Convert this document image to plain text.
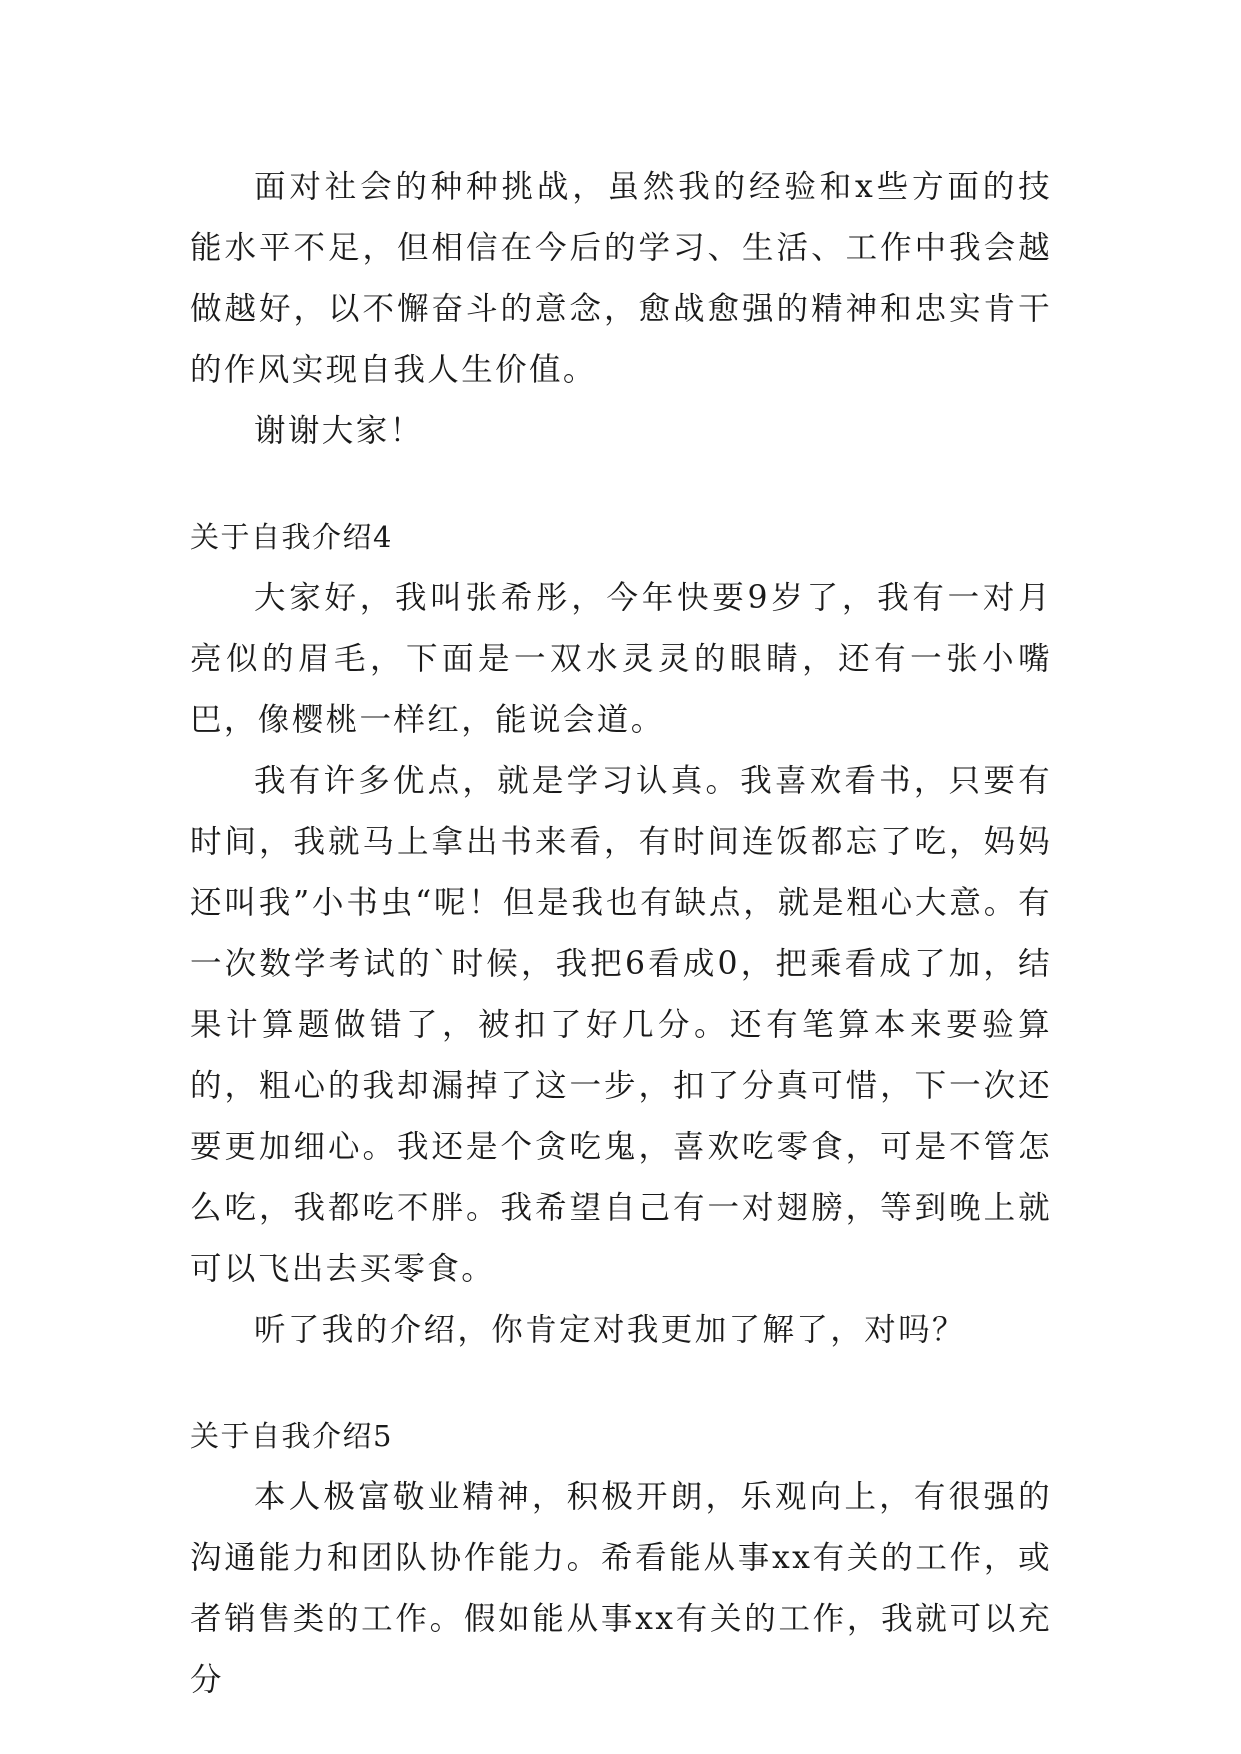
面对社会的种种挑战，虽然我的经验和x些方面的技能水平不足，但相信在今后的学习、生活、工作中我会越做越好，以不懈奋斗的意念，愈战愈强的精神和忠实肯干的作风实现自我人生价值。

谢谢大家！

关于自我介绍4

大家好，我叫张希彤，今年快要9岁了，我有一对月亮似的眉毛，下面是一双水灵灵的眼睛，还有一张小嘴巴，像樱桃一样红，能说会道。

我有许多优点，就是学习认真。我喜欢看书，只要有时间，我就马上拿出书来看，有时间连饭都忘了吃，妈妈还叫我”小书虫“呢！但是我也有缺点，就是粗心大意。有一次数学考试的`时候，我把6看成0，把乘看成了加，结果计算题做错了，被扣了好几分。还有笔算本来要验算的，粗心的我却漏掉了这一步，扣了分真可惜，下一次还要更加细心。我还是个贪吃鬼，喜欢吃零食，可是不管怎么吃，我都吃不胖。我希望自己有一对翅膀，等到晚上就可以飞出去买零食。

听了我的介绍，你肯定对我更加了解了，对吗？

关于自我介绍5

本人极富敬业精神，积极开朗，乐观向上，有很强的沟通能力和团队协作能力。希看能从事xx有关的工作，或者销售类的工作。假如能从事xx有关的工作，我就可以充分
